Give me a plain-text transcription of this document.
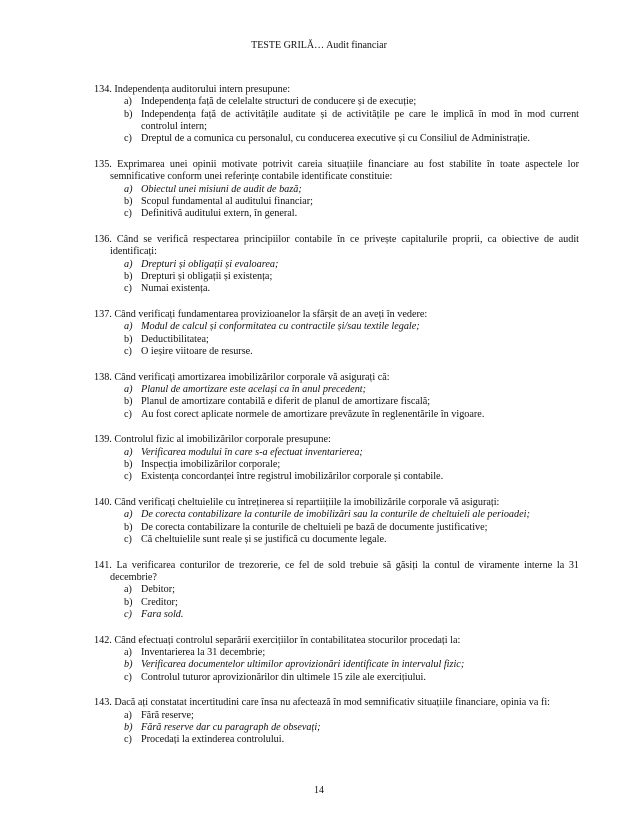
TESTE GRILĂ… Audit financiar
134. Independența auditorului intern presupune:
a) Independența față de celelalte structuri de conducere și de execuție;
b) Independența față de activitățile auditate și de activitățile pe care le implică în mod în mod current controlul intern;
c) Dreptul de a comunica cu personalul, cu conducerea executive și cu Consiliul de Administrație.
135. Exprimarea unei opinii motivate potrivit careia situațiile financiare au fost stabilite în toate aspectele lor semnificative conform unei referințe contabile identificate constituie:
a) Obiectul unei misiuni de audit de bază;
b) Scopul fundamental al auditului financiar;
c) Definitivă auditului extern, în general.
136. Când se verifică respectarea principiilor contabile în ce privește capitalurile proprii, ca obiective de audit identificați:
a) Drepturi și obligații și evaloarea;
b) Drepturi și obligații și existența;
c) Numai existența.
137. Când verificați fundamentarea provizioanelor la sfârșit de an aveți în vedere:
a) Modul de calcul și conformitatea cu contractile și/sau textile legale;
b) Deductibilitatea;
c) O ieșire viitoare de resurse.
138. Când verificați amortizarea imobilizărilor corporale vă asigurați că:
a) Planul de amortizare este același ca în anul precedent;
b) Planul de amortizare contabilă e diferit de planul de amortizare fiscală;
c) Au fost corect aplicate normele de amortizare prevăzute în reglenentările în vigoare.
139. Controlul fizic al imobilizărilor corporale presupune:
a) Verificarea modului în care s-a efectuat inventarierea;
b) Inspecția imobilizărilor corporale;
c) Existența concordanței între registrul imobilizărilor corporale și contabile.
140. Când verificați cheltuielile cu întreținerea si repartiițiile la imobilizările corporale vă asigurați:
a) De corecta contabilizare la conturile de imobilizări sau la conturile de cheltuieli ale perioadei;
b) De corecta contabilizare la conturile de cheltuieli pe bază de documente justificative;
c) Că cheltuielile sunt reale și se justifică cu documente legale.
141. La verificarea conturilor de trezorerie, ce fel de sold trebuie să găsiți la contul de viramente interne la 31 decembrie?
a) Debitor;
b) Creditor;
c) Fara sold.
142. Când efectuați controlul separării exercițiilor în contabilitatea stocurilor procedați la:
a) Inventarierea la 31 decembrie;
b) Verificarea documentelor ultimilor aprovizionări identificate în intervalul fizic;
c) Controlul tuturor aprovizionărilor din ultimele 15 zile ale exercițiului.
143. Dacă ați constatat incertitudini care însa nu afectează în mod semnificativ situațiile financiare, opinia va fi:
a) Fără reserve;
b) Fără reserve dar cu paragraph de obsevați;
c) Procedați la extinderea controlului.
14
